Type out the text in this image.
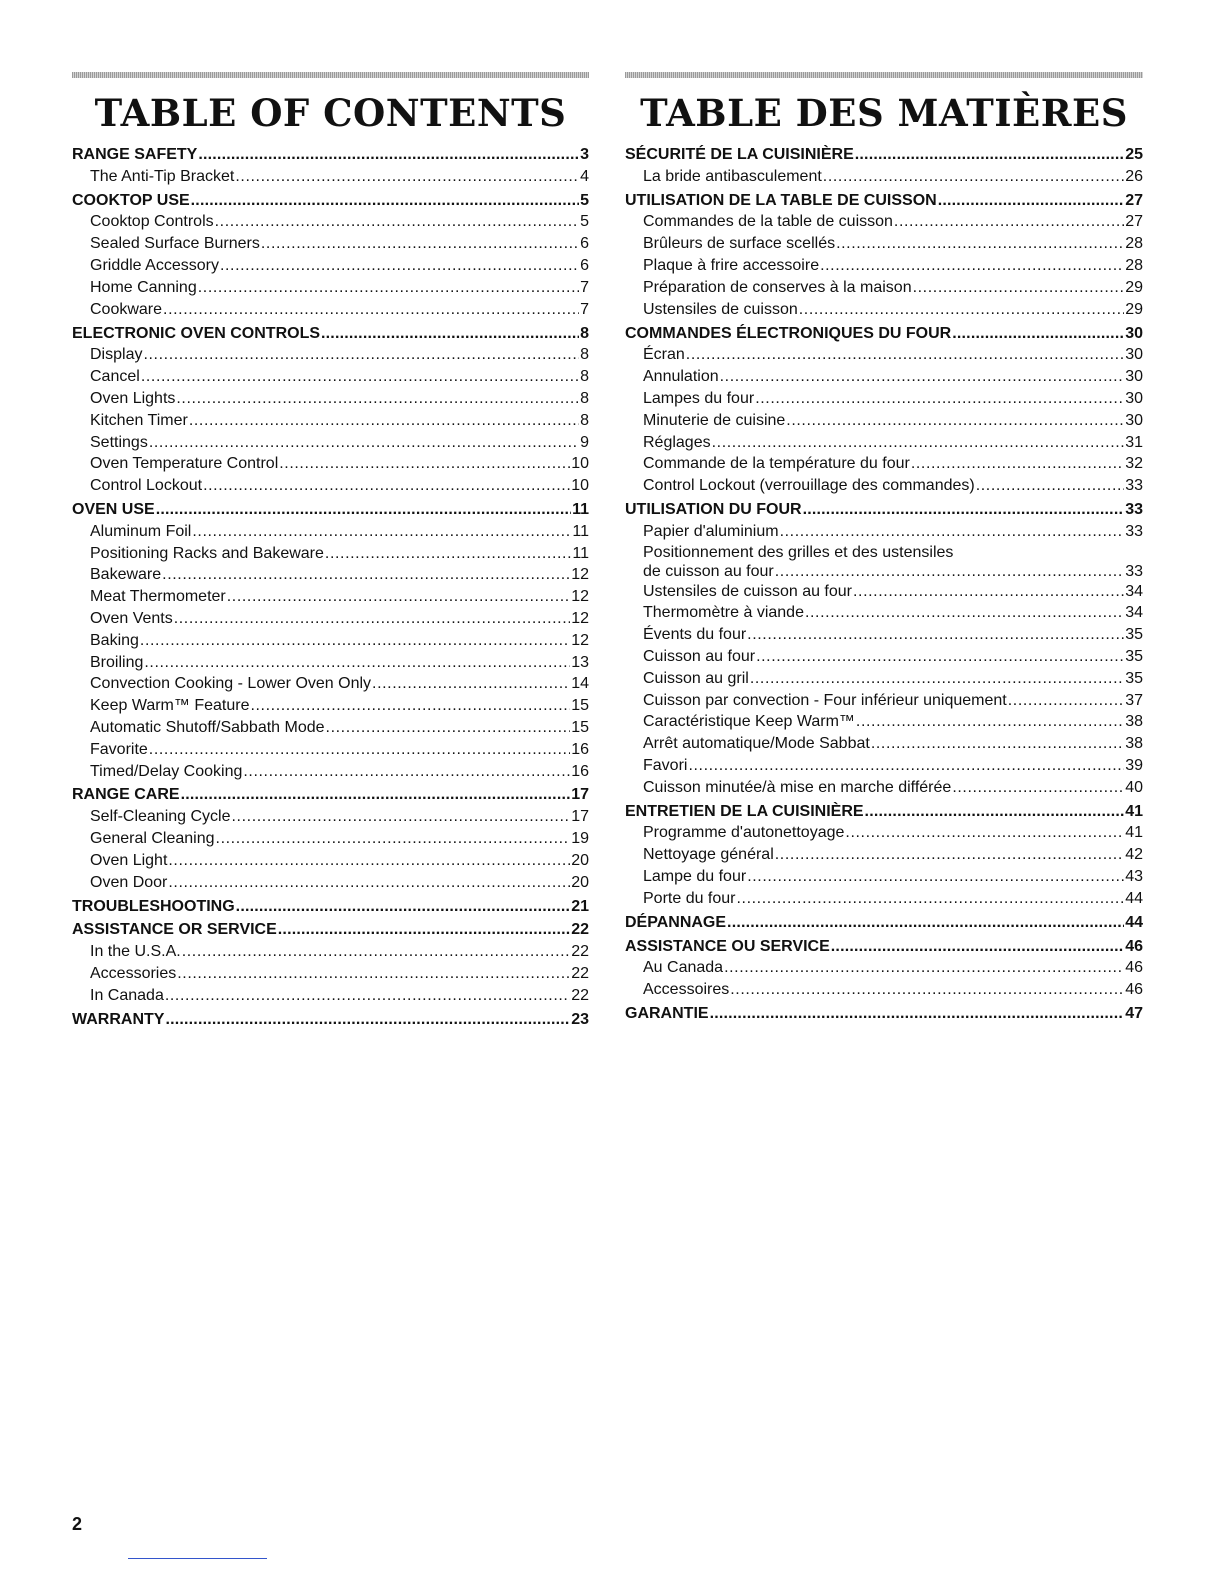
TABLE OF CONTENTS
RANGE SAFETY .....	3
The Anti-Tip Bracket .....	4
COOKTOP USE .....	5
Cooktop Controls .....	5
Sealed Surface Burners .....	6
Griddle Accessory .....	6
Home Canning .....	7
Cookware .....	7
ELECTRONIC OVEN CONTROLS .....	8
Display .....	8
Cancel .....	8
Oven Lights .....	8
Kitchen Timer .....	8
Settings .....	9
Oven Temperature Control .....	10
Control Lockout .....	10
OVEN USE .....	11
Aluminum Foil .....	11
Positioning Racks and Bakeware .....	11
Bakeware .....	12
Meat Thermometer .....	12
Oven Vents .....	12
Baking .....	12
Broiling .....	13
Convection Cooking - Lower Oven Only .....	14
Keep Warm™ Feature .....	15
Automatic Shutoff/Sabbath Mode .....	15
Favorite .....	16
Timed/Delay Cooking .....	16
RANGE CARE .....	17
Self-Cleaning Cycle .....	17
General Cleaning .....	19
Oven Light .....	20
Oven Door .....	20
TROUBLESHOOTING .....	21
ASSISTANCE OR SERVICE .....	22
In the U.S.A. .....	22
Accessories .....	22
In Canada .....	22
WARRANTY .....	23
TABLE DES MATIÈRES
SÉCURITÉ DE LA CUISINIÈRE .....	25
La bride antibasculement .....	26
UTILISATION DE LA TABLE DE CUISSON .....	27
Commandes de la table de cuisson .....	27
Brûleurs de surface scellés .....	28
Plaque à frire accessoire .....	28
Préparation de conserves à la maison .....	29
Ustensiles de cuisson .....	29
COMMANDES ÉLECTRONIQUES DU FOUR .....	30
Écran .....	30
Annulation .....	30
Lampes du four .....	30
Minuterie de cuisine .....	30
Réglages .....	31
Commande de la température du four .....	32
Control Lockout (verrouillage des commandes) .....	33
UTILISATION DU FOUR .....	33
Papier d'aluminium .....	33
Positionnement des grilles et des ustensiles
de cuisson au four .....	33
Ustensiles de cuisson au four .....	34
Thermomètre à viande .....	34
Évents du four .....	35
Cuisson au four .....	35
Cuisson au gril .....	35
Cuisson par convection - Four inférieur uniquement .....	37
Caractéristique Keep Warm™ .....	38
Arrêt automatique/Mode Sabbat .....	38
Favori .....	39
Cuisson minutée/à mise en marche différée .....	40
ENTRETIEN DE LA CUISINIÈRE .....	41
Programme d'autonettoyage .....	41
Nettoyage général .....	42
Lampe du four .....	43
Porte du four .....	44
DÉPANNAGE .....	44
ASSISTANCE OU SERVICE .....	46
Au Canada .....	46
Accessoires .....	46
GARANTIE .....	47
2
